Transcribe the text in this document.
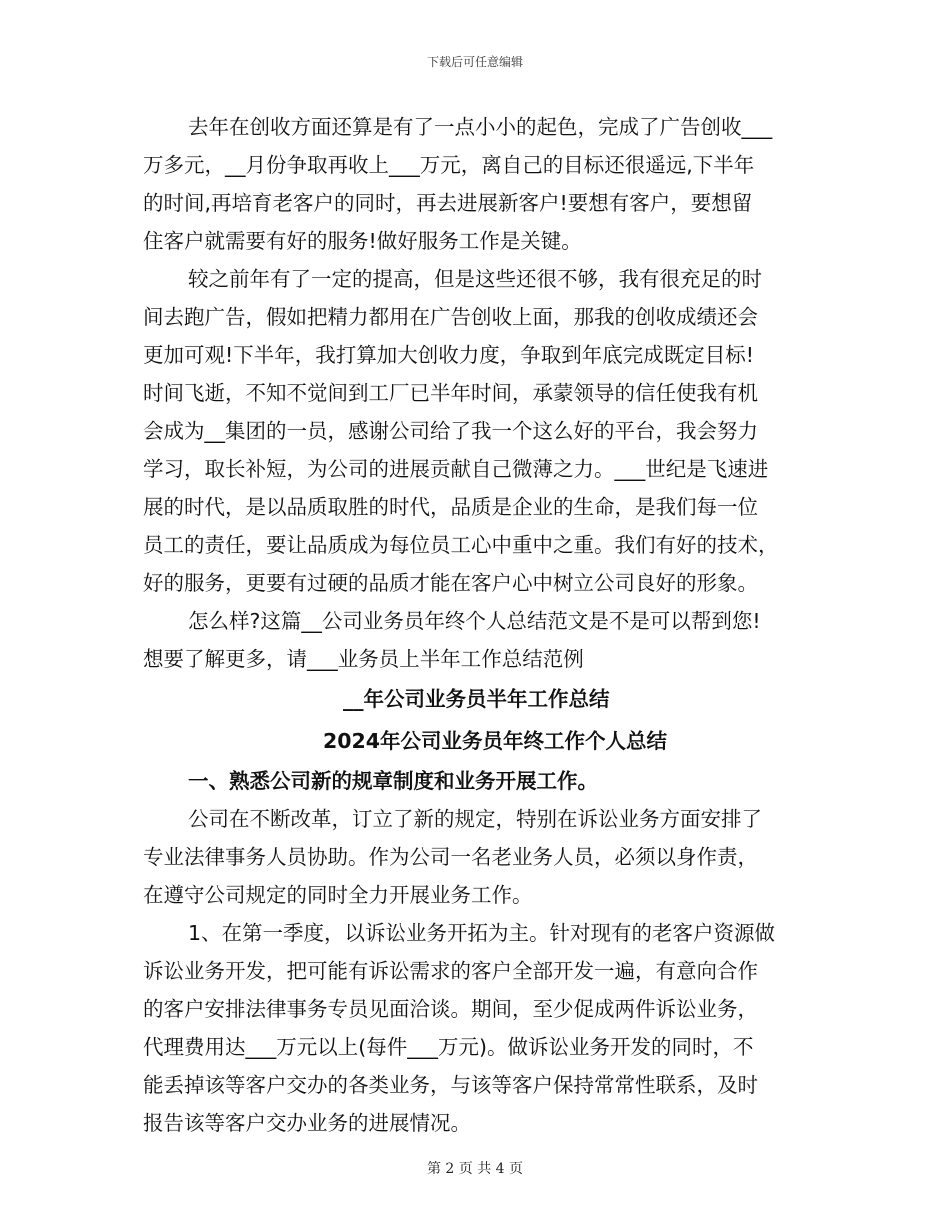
下载后可任意编辑
去年在创收方面还算是有了一点小小的起色，完成了广告创收___
万多元，__月份争取再收上___万元，离自己的目标还很遥远,下半年
的时间,再培育老客户的同时，再去进展新客户!要想有客户，要想留
住客户就需要有好的服务!做好服务工作是关键。
较之前年有了一定的提高，但是这些还很不够，我有很充足的时
间去跑广告，假如把精力都用在广告创收上面，那我的创收成绩还会
更加可观!下半年，我打算加大创收力度，争取到年底完成既定目标!
时间飞逝，不知不觉间到工厂已半年时间，承蒙领导的信任使我有机
会成为__集团的一员，感谢公司给了我一个这么好的平台，我会努力
学习，取长补短，为公司的进展贡献自己微薄之力。___世纪是飞速进
展的时代，是以品质取胜的时代，品质是企业的生命，是我们每一位
员工的责任，要让品质成为每位员工心中重中之重。我们有好的技术，
好的服务，更要有过硬的品质才能在客户心中树立公司良好的形象。
怎么样?这篇__公司业务员年终个人总结范文是不是可以帮到您!
想要了解更多，请___业务员上半年工作总结范例
__年公司业务员半年工作总结
2024年公司业务员年终工作个人总结
一、熟悉公司新的规章制度和业务开展工作。
公司在不断改革，订立了新的规定，特别在诉讼业务方面安排了
专业法律事务人员协助。作为公司一名老业务人员，必须以身作责，
在遵守公司规定的同时全力开展业务工作。
1、在第一季度，以诉讼业务开拓为主。针对现有的老客户资源做
诉讼业务开发，把可能有诉讼需求的客户全部开发一遍，有意向合作
的客户安排法律事务专员见面洽谈。期间，至少促成两件诉讼业务，
代理费用达___万元以上(每件___万元)。做诉讼业务开发的同时，不
能丢掉该等客户交办的各类业务，与该等客户保持常常性联系，及时
报告该等客户交办业务的进展情况。
第 2 页 共 4 页
